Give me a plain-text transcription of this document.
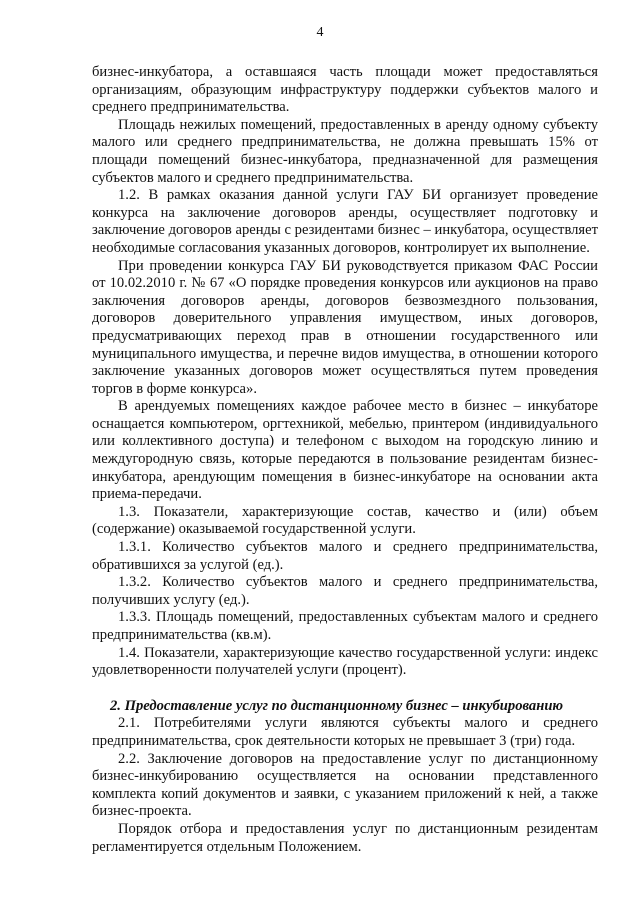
4

бизнес-инкубатора, а оставшаяся часть площади может предоставляться организациям, образующим инфраструктуру поддержки субъектов малого и среднего предпринимательства.

Площадь нежилых помещений, предоставленных в аренду одному субъекту малого или среднего предпринимательства, не должна превышать 15% от площади помещений бизнес-инкубатора, предназначенной для размещения субъектов малого и среднего предпринимательства.

1.2. В рамках оказания данной услуги ГАУ БИ организует проведение конкурса на заключение договоров аренды, осуществляет подготовку и заключение договоров аренды с резидентами бизнес – инкубатора, осуществляет необходимые согласования указанных договоров, контролирует их выполнение.

При проведении конкурса ГАУ БИ руководствуется приказом ФАС России от 10.02.2010 г. № 67 «О порядке проведения конкурсов или аукционов на право заключения договоров аренды, договоров безвозмездного пользования, договоров доверительного управления имуществом, иных договоров, предусматривающих переход прав в отношении государственного или муниципального имущества, и перечне видов имущества, в отношении которого заключение указанных договоров может осуществляться путем проведения торгов в форме конкурса».

В арендуемых помещениях каждое рабочее место в бизнес – инкубаторе оснащается компьютером, оргтехникой, мебелью, принтером (индивидуального или коллективного доступа) и телефоном с выходом на городскую линию и междугородную связь, которые передаются в пользование резидентам бизнес-инкубатора, арендующим помещения в бизнес-инкубаторе на основании акта приема-передачи.

1.3. Показатели, характеризующие состав, качество и (или) объем (содержание) оказываемой государственной услуги.

1.3.1. Количество субъектов малого и среднего предпринимательства, обратившихся за услугой (ед.).

1.3.2. Количество субъектов малого и среднего предпринимательства, получивших услугу (ед.).

1.3.3. Площадь помещений, предоставленных субъектам малого и среднего предпринимательства (кв.м).

1.4. Показатели, характеризующие качество государственной услуги: индекс удовлетворенности получателей услуги (процент).

2. Предоставление услуг по дистанционному бизнес – инкубированию

2.1. Потребителями услуги являются субъекты малого и среднего предпринимательства, срок деятельности которых не превышает 3 (три) года.

2.2. Заключение договоров на предоставление услуг по дистанционному бизнес-инкубированию осуществляется на основании представленного комплекта копий документов и заявки, с указанием приложений к ней, а также бизнес-проекта.

Порядок отбора и предоставления услуг по дистанционным резидентам регламентируется отдельным Положением.
